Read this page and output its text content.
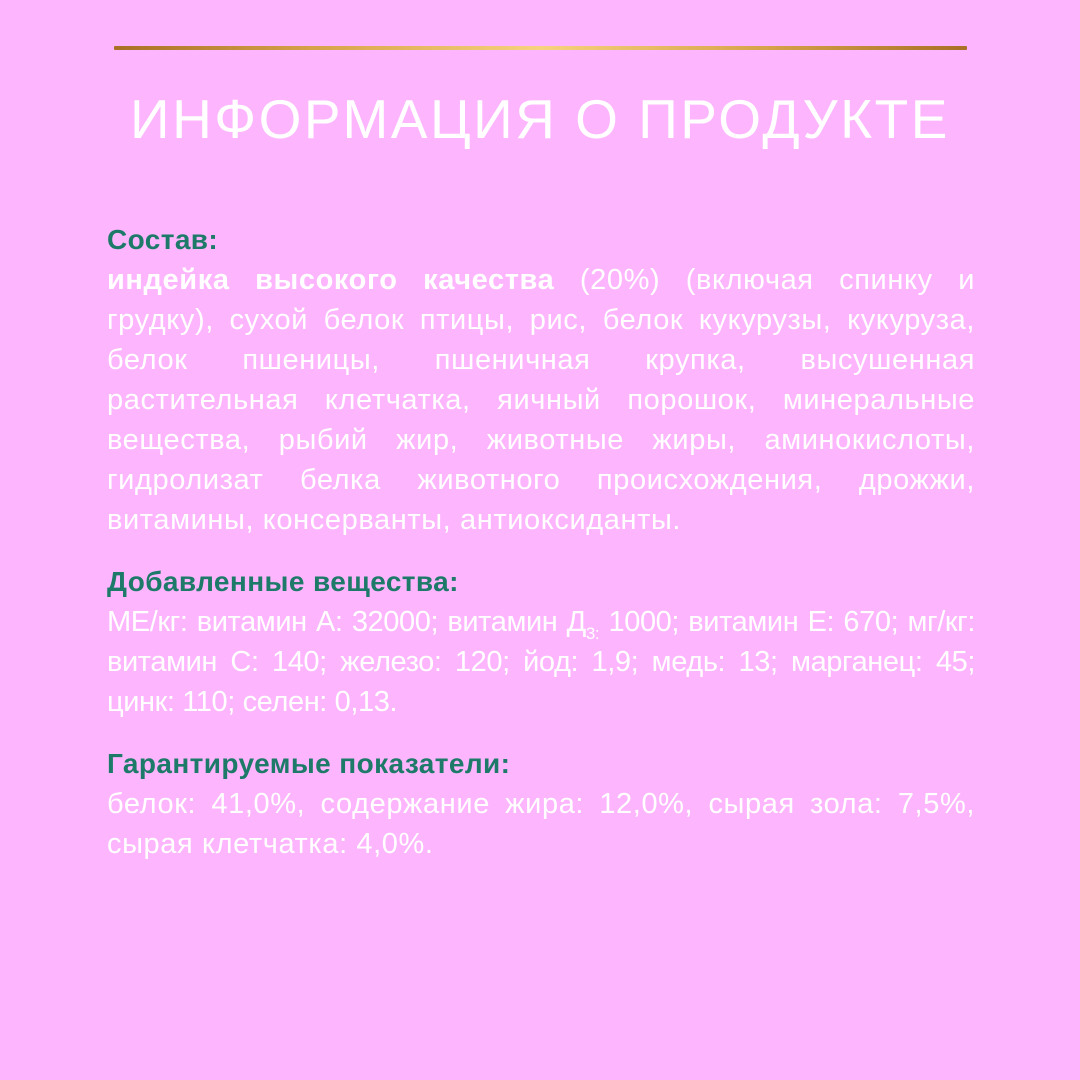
ИНФОРМАЦИЯ О ПРОДУКТЕ
Состав:
индейка высокого качества (20%) (включая спинку и грудку), сухой белок птицы, рис, белок кукурузы, кукуруза, белок пшеницы, пшеничная крупка, высушенная растительная клетчатка, яичный порошок, минеральные вещества, рыбий жир, животные жиры, аминокислоты, гидролизат белка животного происхождения, дрожжи, витамины, консерванты, антиоксиданты.
Добавленные вещества:
МЕ/кг: витамин А: 32000; витамин $Д_{3:}$ 1000; витамин Е: 670; мг/кг: витамин С: 140; железо: 120; йод: 1,9; медь: 13; марганец: 45; цинк: 110; селен: 0,13.
Гарантируемые показатели:
белок: 41,0%, содержание жира: 12,0%, сырая зола: 7,5%, сырая клетчатка: 4,0%.
